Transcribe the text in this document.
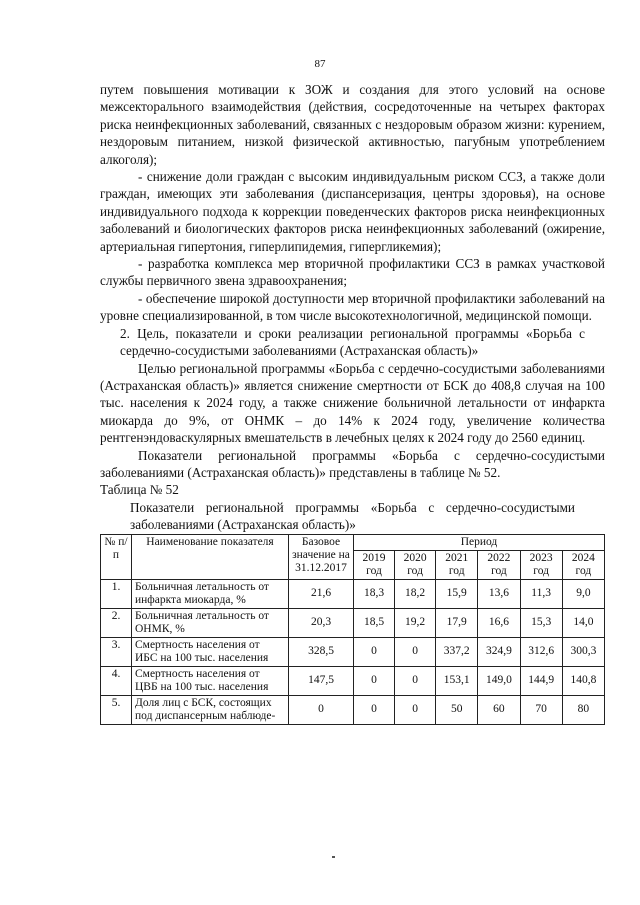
87

путем повышения мотивации к ЗОЖ и создания для этого условий на основе межсекторального взаимодействия (действия, сосредоточенные на четырех факторах риска неинфекционных заболеваний, связанных с нездоровым образом жизни: курением, нездоровым питанием, низкой физической активностью, пагубным употреблением алкоголя);

- снижение доли граждан с высоким индивидуальным риском ССЗ, а также доли граждан, имеющих эти заболевания (диспансеризация, центры здоровья), на основе индивидуального подхода к коррекции поведенческих факторов риска неинфекционных заболеваний и биологических факторов риска неинфекционных заболеваний (ожирение, артериальная гипертония, гиперлипидемия, гипергликемия);

- разработка комплекса мер вторичной профилактики ССЗ в рамках участковой службы первичного звена здравоохранения;

- обеспечение широкой доступности мер вторичной профилактики заболеваний на уровне специализированной, в том числе высокотехнологичной, медицинской помощи.

2. Цель, показатели и сроки реализации региональной программы «Борьба с сердечно-сосудистыми заболеваниями (Астраханская область)»

Целью региональной программы «Борьба с сердечно-сосудистыми заболеваниями (Астраханская область)» является снижение смертности от БСК до 408,8 случая на 100 тыс. населения к 2024 году, а также снижение больничной летальности от инфаркта миокарда до 9%, от ОНМК – до 14% к 2024 году, увеличение количества рентгенэндоваскулярных вмешательств в лечебных целях к 2024 году до 2560 единиц.

Показатели региональной программы «Борьба с сердечно-сосудистыми заболеваниями (Астраханская область)» представлены в таблице № 52.

Таблица № 52

Показатели региональной программы «Борьба с сердечно-сосудистыми заболеваниями (Астраханская область)»

№ п/п	Наименование показателя	Базовое значение на 31.12.2017	Период					
			2019 год	2020 год	2021 год	2022 год	2023 год	2024 год
1.	Больничная летальность от инфаркта миокарда, %	21,6	18,3	18,2	15,9	13,6	11,3	9,0
2.	Больничная летальность от ОНМК, %	20,3	18,5	19,2	17,9	16,6	15,3	14,0
3.	Смертность населения от ИБС на 100 тыс. населения	328,5	0	0	337,2	324,9	312,6	300,3
4.	Смертность населения от ЦВБ на 100 тыс. населения	147,5	0	0	153,1	149,0	144,9	140,8
5.	Доля лиц с БСК, состоящих под диспансерным наблюде-	0	0	0	50	60	70	80
